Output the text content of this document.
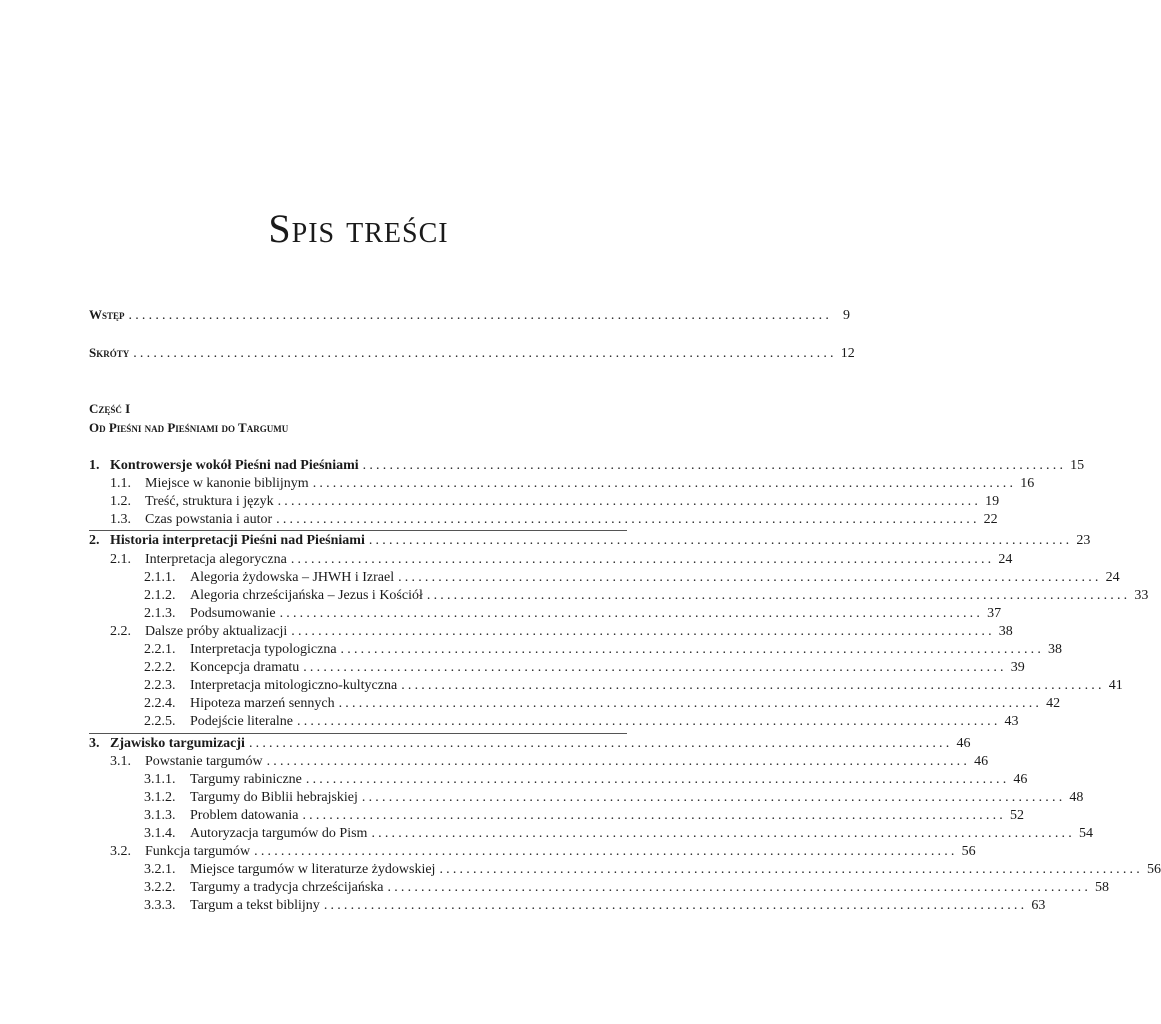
Spis treści
Wstęp ......................................................................................................... 9
Skróty ......................................................................................................... 12
Część I
Od Pieśni nad Pieśniami do Targumu
1. Kontrowersje wokół Pieśni nad Pieśniami ......................................................................................................... 15
1.1.	Miejsce w kanonie biblijnym ......................................................................................................... 16
1.2.	Treść, struktura i język ......................................................................................................... 19
1.3.	Czas powstania i autor ......................................................................................................... 22
2. Historia interpretacji Pieśni nad Pieśniami ......................................................................................................... 23
2.1.	Interpretacja alegoryczna ......................................................................................................... 24
2.1.1.	Alegoria żydowska – JHWH i Izrael ......................................................................................................... 24
2.1.2.	Alegoria chrześcijańska – Jezus i Kościół ......................................................................................................... 33
2.1.3.	Podsumowanie ......................................................................................................... 37
2.2.	Dalsze próby aktualizacji ......................................................................................................... 38
2.2.1.	Interpretacja typologiczna ......................................................................................................... 38
2.2.2.	Koncepcja dramatu ......................................................................................................... 39
2.2.3.	Interpretacja mitologiczno-kultyczna ......................................................................................................... 41
2.2.4.	Hipoteza marzeń sennych ......................................................................................................... 42
2.2.5.	Podejście literalne ......................................................................................................... 43
3. Zjawisko targumizacji ......................................................................................................... 46
3.1.	Powstanie targumów ......................................................................................................... 46
3.1.1.	Targumy rabiniczne ......................................................................................................... 46
3.1.2.	Targumy do Biblii hebrajskiej ......................................................................................................... 48
3.1.3.	Problem datowania ......................................................................................................... 52
3.1.4.	Autoryzacja targumów do Pism ......................................................................................................... 54
3.2.	Funkcja targumów ......................................................................................................... 56
3.2.1.	Miejsce targumów w literaturze żydowskiej ......................................................................................................... 56
3.2.2.	Targumy a tradycja chrześcijańska ......................................................................................................... 58
3.3.3.	Targum a tekst biblijny ......................................................................................................... 63
